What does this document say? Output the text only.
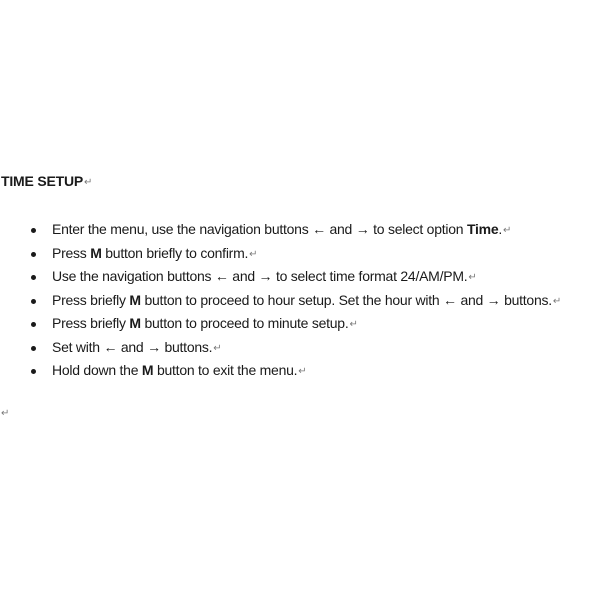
TIME SETUP↵
Enter the menu, use the navigation buttons ← and → to select option Time.↵
Press M button briefly to confirm.↵
Use the navigation buttons ← and → to select time format 24/AM/PM.↵
Press briefly M button to proceed to hour setup. Set the hour with ← and → buttons.↵
Press briefly M button to proceed to minute setup.↵
Set with ← and → buttons.↵
Hold down the M button to exit the menu.↵
↵
